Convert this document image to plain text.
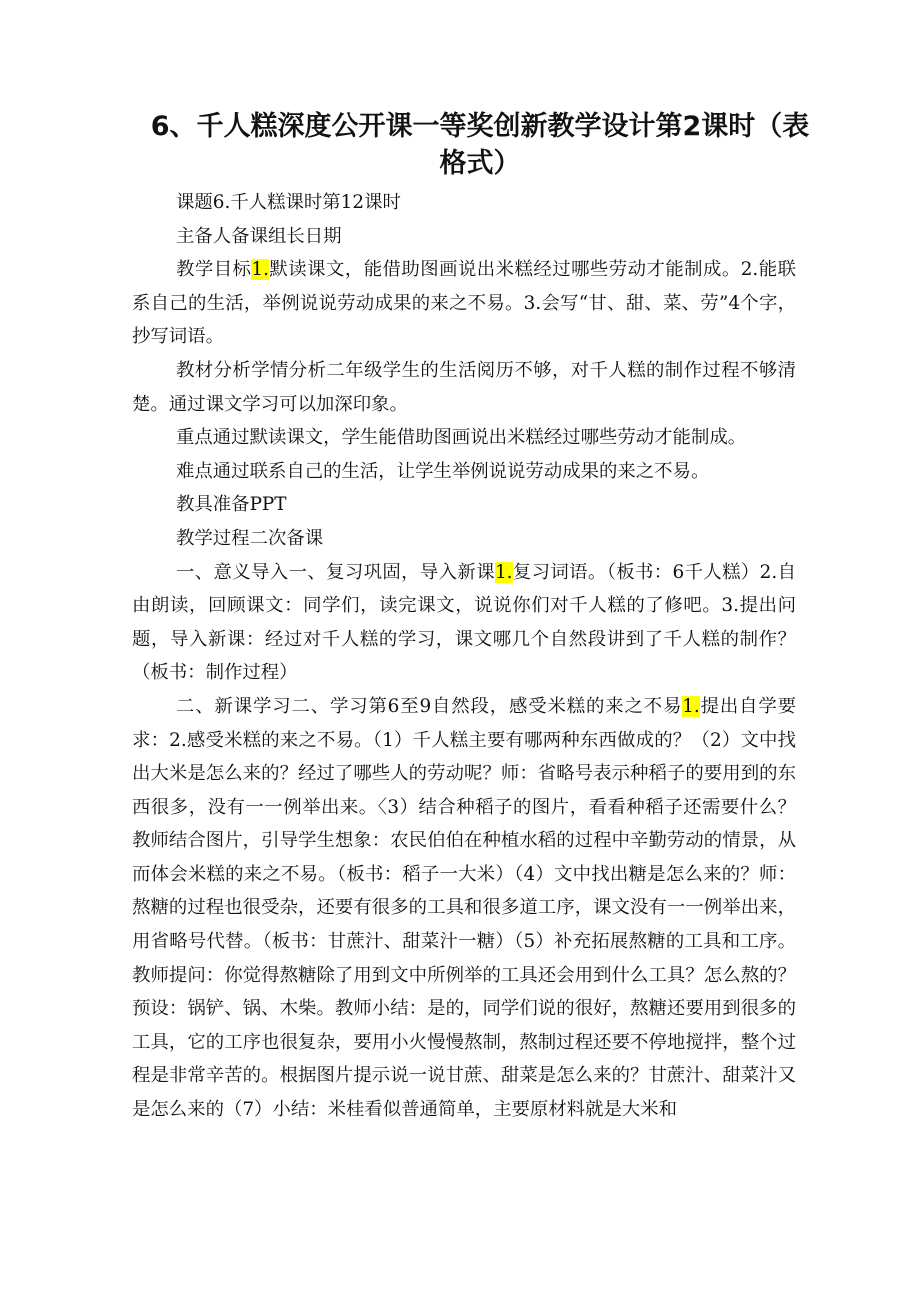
6、千人糕深度公开课一等奖创新教学设计第2课时（表格式）

课题6.千人糕课时第12课时

主备人备课组长日期

教学目标1.默读课文，能借助图画说出米糕经过哪些劳动才能制成。2.能联系自己的生活，举例说说劳动成果的来之不易。3.会写“甘、甜、菜、劳”4个字，抄写词语。

教材分析学情分析二年级学生的生活阅历不够，对千人糕的制作过程不够清楚。通过课文学习可以加深印象。

重点通过默读课文，学生能借助图画说出米糕经过哪些劳动才能制成。

难点通过联系自己的生活，让学生举例说说劳动成果的来之不易。

教具准备PPT

教学过程二次备课

一、意义导入一、复习巩固，导入新课1.复习词语。（板书：6千人糕）2.自由朗读，回顾课文：同学们，读完课文，说说你们对千人糕的了修吧。3.提出问题，导入新课：经过对千人糕的学习，课文哪几个自然段讲到了千人糕的制作？（板书：制作过程）

二、新课学习二、学习第6至9自然段，感受米糕的来之不易1.提出自学要求：2.感受米糕的来之不易。（1）千人糕主要有哪两种东西做成的？（2）文中找出大米是怎么来的？经过了哪些人的劳动呢？师：省略号表示种稻子的要用到的东西很多，没有一一例举出来。〈3）结合种稻子的图片，看看种稻子还需要什么？教师结合图片，引导学生想象：农民伯伯在种植水稻的过程中辛勤劳动的情景，从而体会米糕的来之不易。（板书：稻子一大米）（4）文中找出糖是怎么来的？师：熬糖的过程也很受杂，还要有很多的工具和很多道工序，课文没有一一例举出来，用省略号代替。（板书：甘蔗汁、甜菜汁一糖）（5）补充拓展熬糖的工具和工序。教师提问：你觉得熬糖除了用到文中所例举的工具还会用到什么工具？怎么熬的？预设：锅铲、锅、木柴。教师小结：是的，同学们说的很好，熬糖还要用到很多的工具，它的工序也很复杂，要用小火慢慢熬制，熬制过程还要不停地搅拌，整个过程是非常辛苦的。根据图片提示说一说甘蔗、甜菜是怎么来的？甘蔗汁、甜菜汁又是怎么来的（7）小结：米桂看似普通简单，主要原材料就是大米和
